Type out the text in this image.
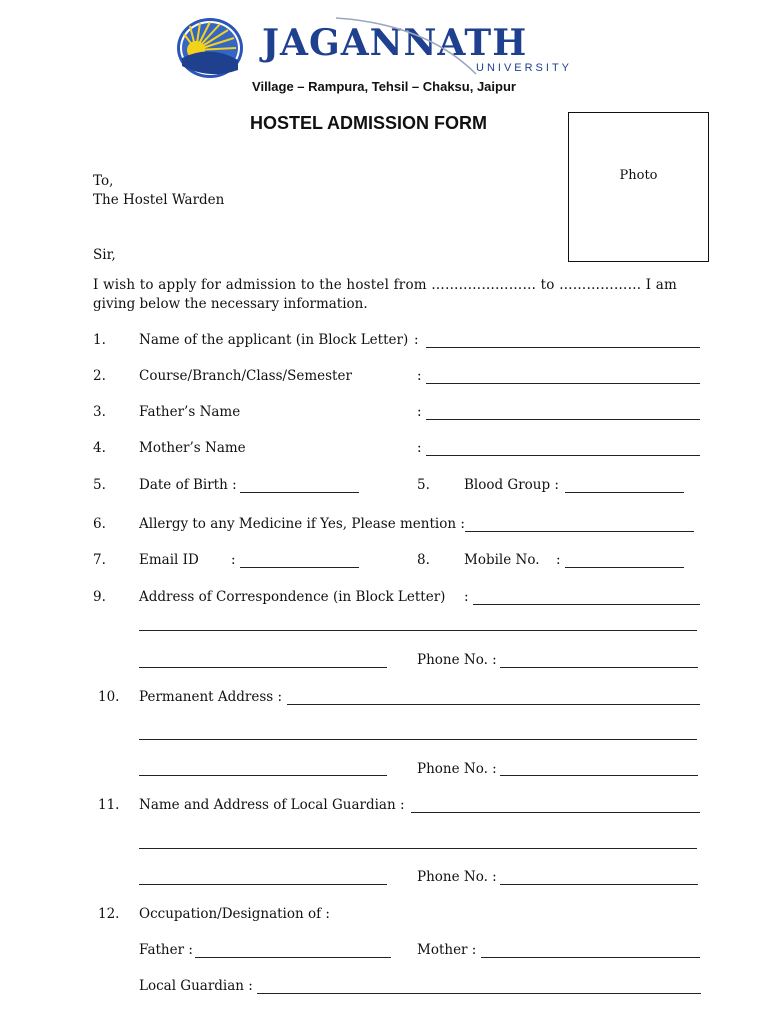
JAGANNATH
UNIVERSITY
Village – Rampura, Tehsil – Chaksu, Jaipur
HOSTEL ADMISSION FORM
Photo
To,
The Hostel Warden
Sir,
I wish to apply for admission to the hostel from ……..…………… to ……………… I am
giving below the necessary information.
1. Name of the applicant (in Block Letter) :
2. Course/Branch/Class/Semester	:
3. Father’s Name	:
4. Mother’s Name	:
5. Date of Birth :	5.	Blood Group :
6. Allergy to any Medicine if Yes, Please mention :
7. Email ID :	8.	Mobile No. :
9. Address of Correspondence (in Block Letter) :
Phone No. :
10. Permanent Address :
Phone No. :
11. Name and Address of Local Guardian :
Phone No. :
12. Occupation/Designation of :
Father :	Mother :
Local Guardian :
